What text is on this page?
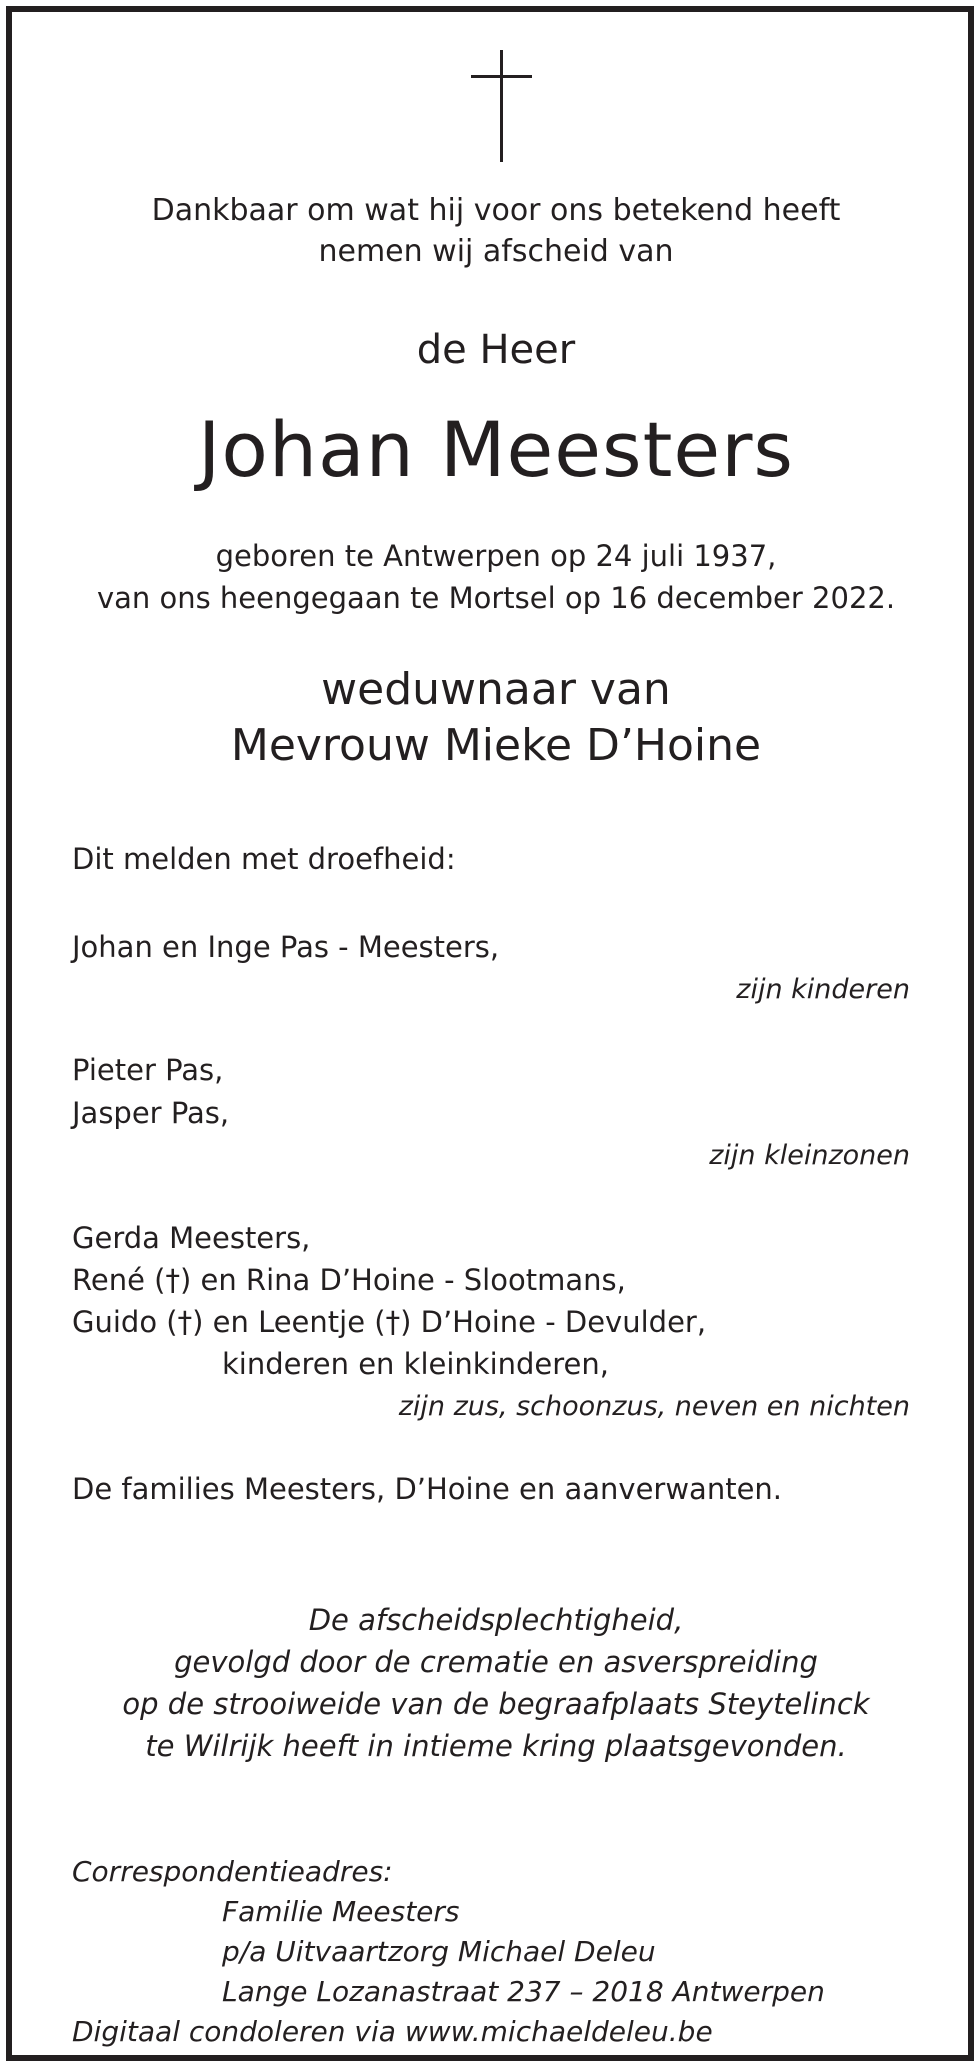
Dankbaar om wat hij voor ons betekend heeft
nemen wij afscheid van
de Heer
Johan Meesters
geboren te Antwerpen op 24 juli 1937,
van ons heengegaan te Mortsel op 16 december 2022.
weduwnaar van
Mevrouw Mieke D’Hoine
Dit melden met droefheid:
Johan en Inge Pas - Meesters,
zijn kinderen
Pieter Pas,
Jasper Pas,
zijn kleinzonen
Gerda Meesters,
René (†) en Rina D’Hoine - Slootmans,
Guido (†) en Leentje (†) D’Hoine - Devulder,
kinderen en kleinkinderen,
zijn zus, schoonzus, neven en nichten
De families Meesters, D’Hoine en aanverwanten.
De afscheidsplechtigheid,
gevolgd door de crematie en asverspreiding
op de strooiweide van de begraafplaats Steytelinck
te Wilrijk heeft in intieme kring plaatsgevonden.
Correspondentieadres:
Familie Meesters
p/a Uitvaartzorg Michael Deleu
Lange Lozanastraat 237 – 2018 Antwerpen
Digitaal condoleren via www.michaeldeleu.be
